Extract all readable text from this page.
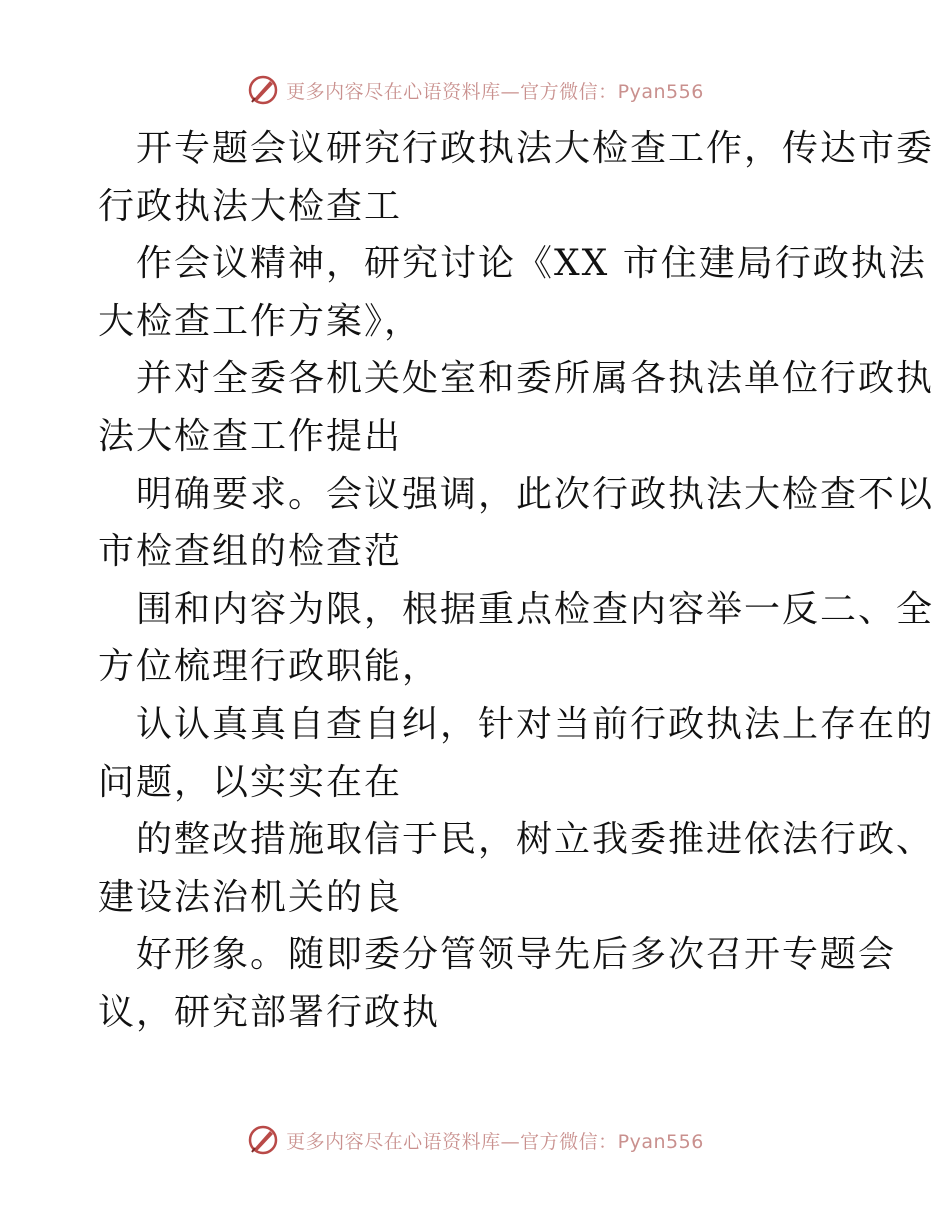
更多内容尽在心语资料库—官方微信：Pyan556
开专题会议研究行政执法大检查工作，传达市委
行政执法大检查工
作会议精神，研究讨论《XX 市住建局行政执法
大检查工作方案》，
并对全委各机关处室和委所属各执法单位行政执
法大检查工作提出
明确要求。会议强调，此次行政执法大检查不以
市检查组的检查范
围和内容为限，根据重点检查内容举一反二、全
方位梳理行政职能，
认认真真自查自纠，针对当前行政执法上存在的
问题，以实实在在
的整改措施取信于民，树立我委推进依法行政、
建设法治机关的良
好形象。随即委分管领导先后多次召开专题会
议，研究部署行政执
更多内容尽在心语资料库—官方微信：Pyan556
